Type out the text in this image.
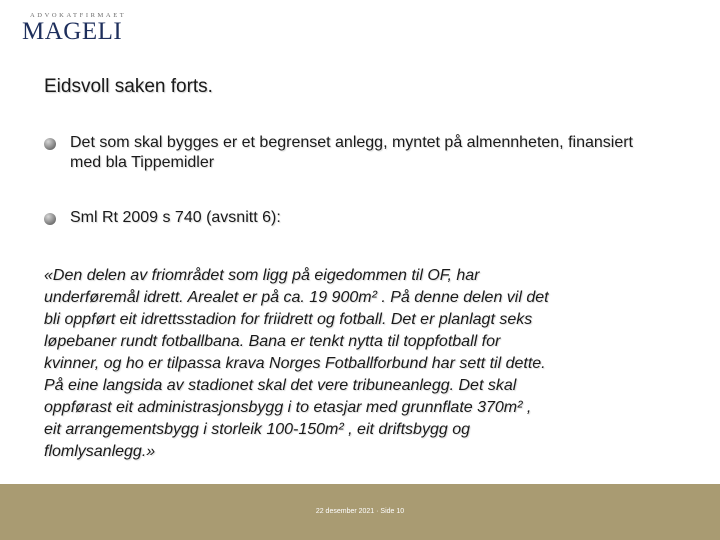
ADVOKATFIRMAET
MAGELI
Eidsvoll saken forts.
Det som skal bygges er et begrenset anlegg, myntet på almennheten, finansiert med bla Tippemidler
Sml Rt 2009 s 740 (avsnitt 6):
«Den delen av friområdet som ligg på eigedommen til OF, har
underføremål idrett. Arealet er på ca. 19 900m² . På denne delen vil det
bli oppført eit idrettsstadion for friidrett og fotball. Det er planlagt seks
løpebaner rundt fotballbana. Bana er tenkt nytta til toppfotball for
kvinner, og ho er tilpassa krava Norges Fotballforbund har sett til dette.
På eine langsida av stadionet skal det vere tribuneanlegg. Det skal
oppførast eit administrasjonsbygg i to etasjar med grunnflate 370m² ,
eit arrangementsbygg i storleik 100-150m² , eit driftsbygg og
flomlysanlegg.»
22 desember 2021 · Side 10
